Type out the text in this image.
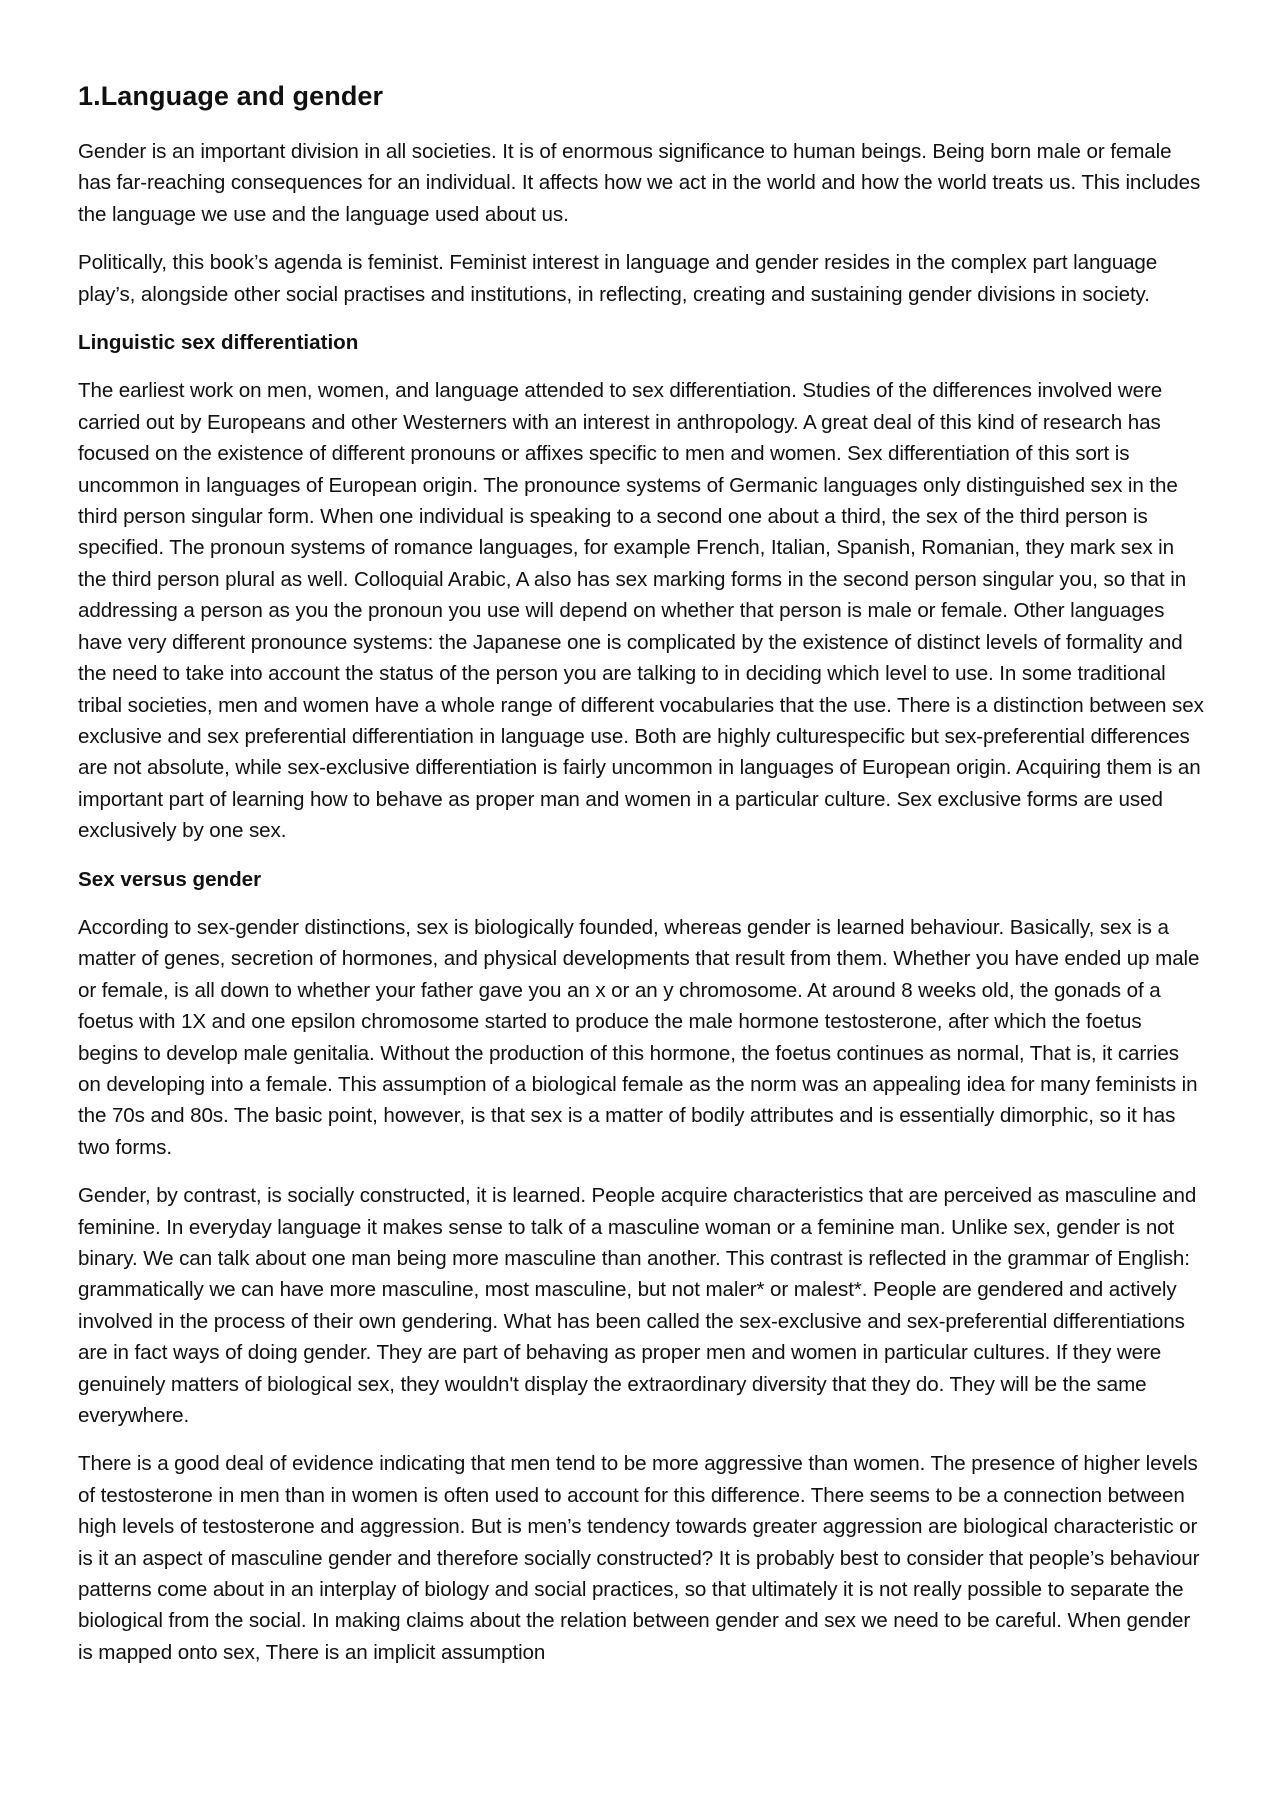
1.Language and gender

Gender is an important division in all societies. It is of enormous significance to human beings. Being born male or female has far-reaching consequences for an individual. It affects how we act in the world and how the world treats us. This includes the language we use and the language used about us.

Politically, this book’s agenda is feminist. Feminist interest in language and gender resides in the complex part language play’s, alongside other social practises and institutions, in reflecting, creating and sustaining gender divisions in society.

Linguistic sex differentiation

The earliest work on men, women, and language attended to sex differentiation. Studies of the differences involved were carried out by Europeans and other Westerners with an interest in anthropology. A great deal of this kind of research has focused on the existence of different pronouns or affixes specific to men and women. Sex differentiation of this sort is uncommon in languages of European origin. The pronounce systems of Germanic languages only distinguished sex in the third person singular form. When one individual is speaking to a second one about a third, the sex of the third person is specified. The pronoun systems of romance languages, for example French, Italian, Spanish, Romanian, they mark sex in the third person plural as well. Colloquial Arabic, A also has sex marking forms in the second person singular you, so that in addressing a person as you the pronoun you use will depend on whether that person is male or female. Other languages have very different pronounce systems: the Japanese one is complicated by the existence of distinct levels of formality and the need to take into account the status of the person you are talking to in deciding which level to use. In some traditional tribal societies, men and women have a whole range of different vocabularies that the use. There is a distinction between sex exclusive and sex preferential differentiation in language use. Both are highly culturespecific but sex-preferential differences are not absolute, while sex-exclusive differentiation is fairly uncommon in languages of European origin. Acquiring them is an important part of learning how to behave as proper man and women in a particular culture. Sex exclusive forms are used exclusively by one sex.

Sex versus gender

According to sex-gender distinctions, sex is biologically founded, whereas gender is learned behaviour. Basically, sex is a matter of genes, secretion of hormones, and physical developments that result from them. Whether you have ended up male or female, is all down to whether your father gave you an x or an y chromosome. At around 8 weeks old, the gonads of a foetus with 1X and one epsilon chromosome started to produce the male hormone testosterone, after which the foetus begins to develop male genitalia. Without the production of this hormone, the foetus continues as normal, That is, it carries on developing into a female. This assumption of a biological female as the norm was an appealing idea for many feminists in the 70s and 80s. The basic point, however, is that sex is a matter of bodily attributes and is essentially dimorphic, so it has two forms.

Gender, by contrast, is socially constructed, it is learned. People acquire characteristics that are perceived as masculine and feminine. In everyday language it makes sense to talk of a masculine woman or a feminine man. Unlike sex, gender is not binary. We can talk about one man being more masculine than another. This contrast is reflected in the grammar of English: grammatically we can have more masculine, most masculine, but not maler* or malest*. People are gendered and actively involved in the process of their own gendering. What has been called the sex-exclusive and sex-preferential differentiations are in fact ways of doing gender. They are part of behaving as proper men and women in particular cultures. If they were genuinely matters of biological sex, they wouldn't display the extraordinary diversity that they do. They will be the same everywhere.

There is a good deal of evidence indicating that men tend to be more aggressive than women. The presence of higher levels of testosterone in men than in women is often used to account for this difference. There seems to be a connection between high levels of testosterone and aggression. But is men’s tendency towards greater aggression are biological characteristic or is it an aspect of masculine gender and therefore socially constructed? It is probably best to consider that people’s behaviour patterns come about in an interplay of biology and social practices, so that ultimately it is not really possible to separate the biological from the social. In making claims about the relation between gender and sex we need to be careful. When gender is mapped onto sex, There is an implicit assumption
